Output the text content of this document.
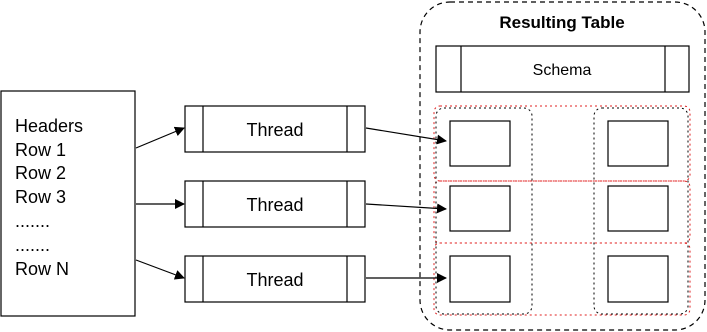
Headers
Row 1
Row 2
Row 3
.......
.......
Row N
Thread
Thread
Thread
Resulting Table
Schema
